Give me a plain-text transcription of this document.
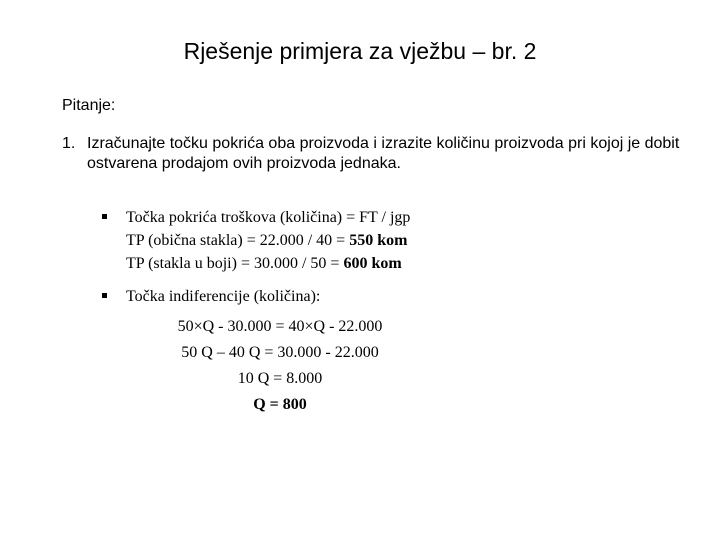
Rješenje primjera za vježbu – br. 2
Pitanje:
1. Izračunajte točku pokrića oba proizvoda i izrazite količinu proizvoda pri kojoj je dobit ostvarena prodajom ovih proizvoda jednaka.
Točka pokrića troškova (količina) = FT / jgp
TP (obična stakla) = 22.000 / 40 = 550 kom
TP (stakla u boji) = 30.000 / 50 = 600 kom
Točka indiferencije (količina):
50×Q - 30.000 = 40×Q - 22.000
50 Q – 40 Q = 30.000 - 22.000
10 Q = 8.000
Q = 800
